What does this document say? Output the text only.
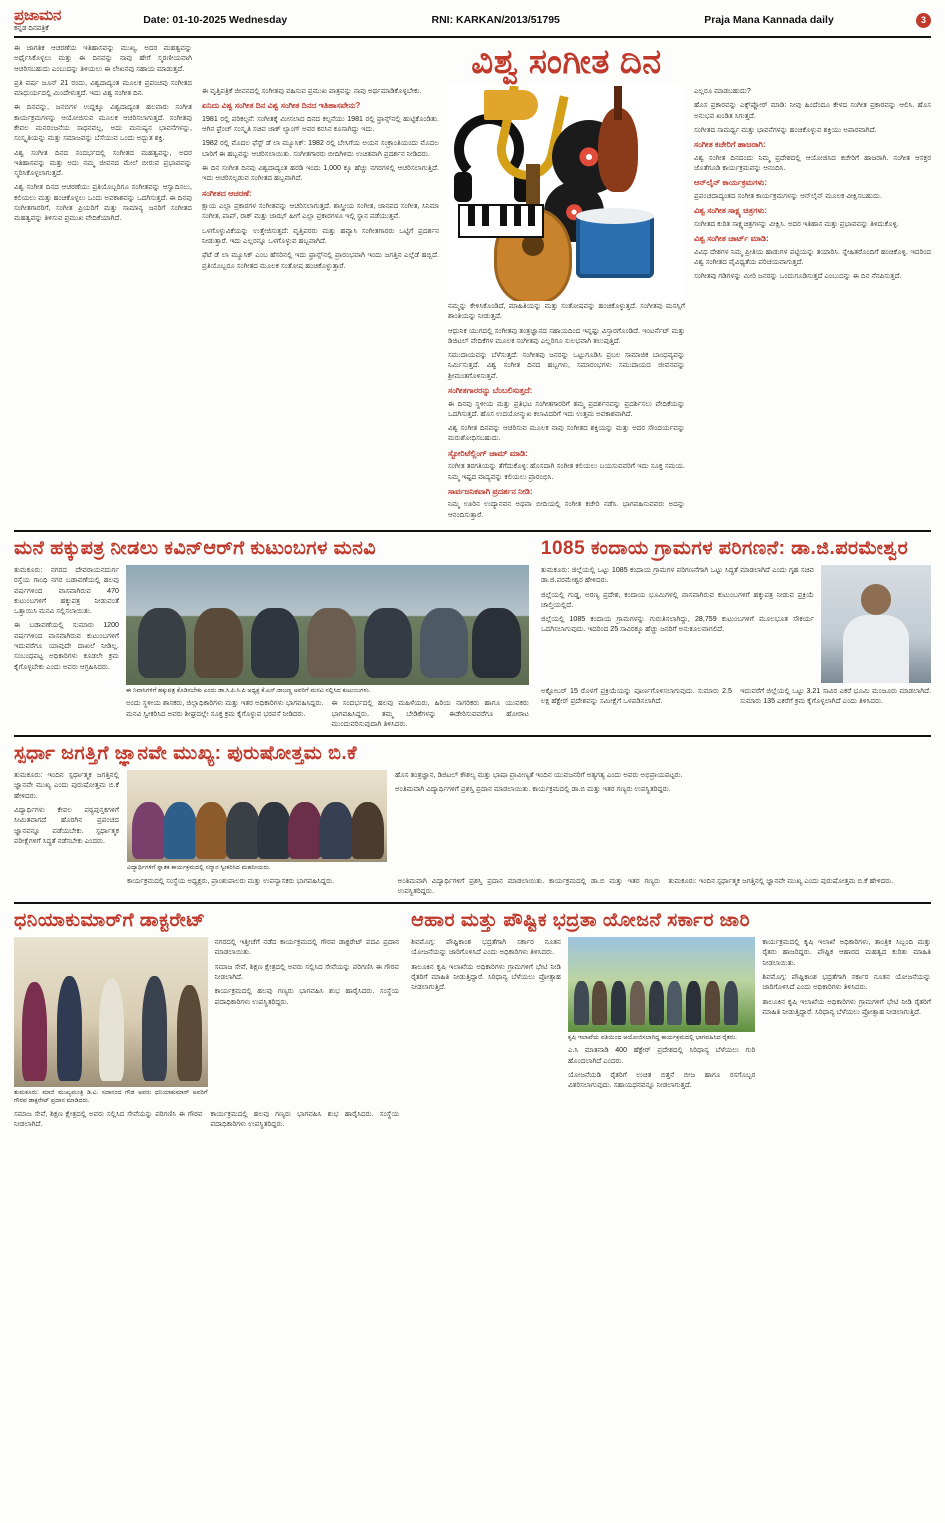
ಪ್ರಜಾಮನ
ಕನ್ನಡ ದಿನಪತ್ರಿಕೆ
Date: 01-10-2025 Wednesday	RNI: KARKAN/2013/51795	Praja Mana Kannada daily	3

ಈ ಜಾಗತಿಕ ಆಚರಣೆಯ ಇತಿಹಾಸವನ್ನು ಮುಖ್ಯ, ಅದರ ಮಹತ್ವವನ್ನು ಅರ್ಥೈಸಿಕೊಳ್ಳಲು ಮತ್ತು ಈ ದಿನವನ್ನು ನಾವು ಹೇಗೆ ಸ್ಮರಣೀಯವಾಗಿ ಆಚರಿಸಬಹುದು ಎಂಬುದನ್ನು ತಿಳಿಯಲು ಈ ಲೇಖನವು ಸಹಾಯ ಮಾಡುತ್ತದೆ.

ಪ್ರತಿ ವರ್ಷ ಜೂನ್ 21 ರಂದು, ವಿಶ್ವದಾದ್ಯಂತ ಮೂಲಕ ಪ್ರಪಂಚವು ಸಂಗೀತದ ಮಾಧುರ್ಯದಲ್ಲಿ ಮಿಂದೇಳುತ್ತದೆ. ಇದು ವಿಶ್ವ ಸಂಗೀತ ದಿನ.

ಈ ದಿನವನ್ನು, ಜನಬಿಗಳ ಉದ್ದಕ್ಕೂ ವಿಶ್ವದಾದ್ಯಂತ ಹಲವಾರು ಸಂಗೀತ ಕಾರ್ಯಕ್ರಮಗಳನ್ನು ಆಯೋಜಿಸುವ ಮೂಲಕ ಆಚರಿಸಲಾಗುತ್ತದೆ. ಸಂಗೀತವು ಕೇವಲ ಮನರಂಜನೆಯ ಸಾಧನವಲ್ಲ, ಅದು ಮನುಷ್ಯನ ಭಾವನೆಗಳನ್ನು, ಸಂಸ್ಕೃತಿಯನ್ನು ಮತ್ತು ಸಮಾಜವನ್ನು ಬೆಸೆಯುವ ಒಂದು ಅದ್ಭುತ ಶಕ್ತಿ.

ವಿಶ್ವ ಸಂಗೀತ ದಿನದ ಸಂದರ್ಭದಲ್ಲಿ ಸಂಗೀತದ ಮಹತ್ವವನ್ನು, ಅದರ ಇತಿಹಾಸವನ್ನು ಮತ್ತು ಅದು ನಮ್ಮ ಜೀವನದ ಮೇಲೆ ಬೀರುವ ಪ್ರಭಾವವನ್ನು ಸ್ಮರಿಸಿಕೊಳ್ಳಲಾಗುತ್ತದೆ.

ವಿಶ್ವ ಸಂಗೀತ ದಿನದ ಆಚರಣೆಯು ಪ್ರತಿಯೊಬ್ಬರಿಗೂ ಸಂಗೀತವನ್ನು ಆಸ್ವಾದಿಸಲು, ಕಲಿಯಲು ಮತ್ತು ಹಂಚಿಕೊಳ್ಳಲು ಒಂದು ಅವಕಾಶವನ್ನು ಒದಗಿಸುತ್ತದೆ. ಈ ದಿನವು ಸಂಗೀತಗಾರರಿಗೆ, ಸಂಗೀತ ಪ್ರಿಯರಿಗೆ ಮತ್ತು ಸಾಮಾನ್ಯ ಜನರಿಗೆ ಸಂಗೀತದ ಮಹತ್ವವನ್ನು ತಿಳಿಸುವ ಪ್ರಮುಖ ವೇದಿಕೆಯಾಗಿದೆ.

ವಿಶ್ವ ಸಂಗೀತ ದಿನ

ಈ ವೃತ್ತಿಪತ್ರಿಕೆ ಜೀವನದಲ್ಲಿ ಸಂಗೀತವು ವಹಿಸುವ ಪ್ರಮುಖ ಪಾತ್ರವನ್ನು ನಾವು ಅರ್ಥಮಾಡಿಕೊಳ್ಳಬೇಕು.

ಏನಿದು ವಿಶ್ವ ಸಂಗೀತ ದಿನ ವಿಶ್ವ ಸಂಗೀತ ದಿನದ ಇತಿಹಾಸವೇನು?

1981 ರಲ್ಲಿ ಪರಿಕಲ್ಪನೆ: ಸಂಗೀತಕ್ಕೆ ಮೀಸಲಾದ ದಿನದ ಕಲ್ಪನೆಯು 1981 ರಲ್ಲಿ ಫ್ರಾನ್ಸ್‌ನಲ್ಲಿ ಹುಟ್ಟಿಕೊಂಡಿತು. ಆಗಿನ ಫ್ರೆಂಚ್ ಸಂಸ್ಕೃತಿ ಸಚಿವ ಜಾಕ್ ಲ್ಯಾಂಗ್ ಅವರ ಕನಸಿನ ಕೂಸಾಗಿದ್ದು ಇದು.

1982 ರಲ್ಲಿ ಮೊದಲ ಫೆಸ್ಟ್ ಡೆ ಲಾ ಮ್ಯೂಸಿಕ್: 1982 ರಲ್ಲಿ ಬೇಸಿಗೆಯ ಅಯನ ಸಂಕ್ರಾಂತಿಯಂದು ಮೊದಲ ಬಾರಿಗೆ ಈ ಹಬ್ಬವನ್ನು ಆಚರಿಸಲಾಯಿತು. ಸಂಗೀತಗಾರರು ಬೀದಿಗಿಳಿದು ಉಚಿತವಾಗಿ ಪ್ರದರ್ಶನ ನೀಡಿದರು.

ಈ ದಿನ ಸಂಗೀತ ದಿನವು ವಿಶ್ವದಾದ್ಯಂತ ಹರಡಿ ಇಂದು 1,000 ಕ್ಕೂ ಹೆಚ್ಚು ನಗರಗಳಲ್ಲಿ ಆಚರಿಸಲಾಗುತ್ತಿದೆ. ಇದು ಆಚರಿಸಲ್ಪಡುವ ಸಂಗೀತದ ಹಬ್ಬವಾಗಿದೆ.

ಸಂಗೀತದ ಆಚರಣೆ:

ಕ್ಷಾಯ ಎಲ್ಲಾ ಪ್ರಕಾರಗಳ ಸಂಗೀತವನ್ನು ಆಚರಿಸಲಾಗುತ್ತದೆ. ಶಾಸ್ತ್ರೀಯ ಸಂಗೀತ, ಜಾನಪದ ಸಂಗೀತ, ಸಿನಿಮಾ ಸಂಗೀತ, ಪಾಪ್, ರಾಕ್ ಮತ್ತು ಜಾಝ್ ಹೀಗೆ ಎಲ್ಲಾ ಪ್ರಕಾರಗಳೂ ಇಲ್ಲಿ ಸ್ಥಾನ ಪಡೆಯುತ್ತವೆ.

ಒಳಗೊಳ್ಳುವಿಕೆಯನ್ನು ಉತ್ತೇಜಿಸುತ್ತದೆ: ವೃತ್ತಿಪರರು ಮತ್ತು ಹವ್ಯಾಸಿ ಸಂಗೀತಗಾರರು ಒಟ್ಟಿಗೆ ಪ್ರದರ್ಶನ ನೀಡುತ್ತಾರೆ. ಇದು ಎಲ್ಲರನ್ನೂ ಒಳಗೊಳ್ಳುವ ಹಬ್ಬವಾಗಿದೆ.

ಫೆಟೆ ಡೆ ಲಾ ಮ್ಯೂಸಿಕ್ ಎಂಬ ಹೆಸರಿನಲ್ಲಿ ಇದು ಫ್ರಾನ್ಸ್‌ನಲ್ಲಿ ಪ್ರಾರಂಭವಾಗಿ ಇಂದು ಜಗತ್ತಿನ ಎಲ್ಲೆಡೆ ಹಬ್ಬಿದೆ. ಪ್ರತಿಯೊಬ್ಬರೂ ಸಂಗೀತದ ಮೂಲಕ ಸಂತೋಷ ಹಂಚಿಕೊಳ್ಳುತ್ತಾರೆ.

ನಮ್ಮನ್ನು ಕೇಳಿಸಿಕೊಂಡಿದೆ, ಮಾಹಿತಿಯನ್ನು ಮತ್ತು ಸಂತೋಷವನ್ನು ಹಂಚಿಕೊಳ್ಳುತ್ತದೆ. ಸಂಗೀತವು ಮನಸ್ಸಿಗೆ ಶಾಂತಿಯನ್ನು ನೀಡುತ್ತದೆ.

ಆಧುನಿಕ ಯುಗದಲ್ಲಿ ಸಂಗೀತವು ತಂತ್ರಜ್ಞಾನದ ಸಹಾಯದಿಂದ ಇನ್ನಷ್ಟು ವಿಸ್ತಾರಗೊಂಡಿದೆ. ಇಂಟರ್ನೆಟ್ ಮತ್ತು ಡಿಜಿಟಲ್ ವೇದಿಕೆಗಳ ಮೂಲಕ ಸಂಗೀತವು ಎಲ್ಲರಿಗೂ ಸುಲಭವಾಗಿ ತಲುಪುತ್ತಿದೆ.

ಸಮುದಾಯವನ್ನು ಬೆಳೆಸುತ್ತದೆ: ಸಂಗೀತವು ಜನರನ್ನು ಒಟ್ಟುಗೂಡಿಸಿ ಪ್ರಬಲ ಸಾಮಾಜಿಕ ಬಾಂಧವ್ಯವನ್ನು ನಿರ್ಮಿಸುತ್ತದೆ. ವಿಶ್ವ ಸಂಗೀತ ದಿನದ ಹಬ್ಬಗಳು, ಸಮಾರಂಭಗಳು ಸಮುದಾಯದ ಜೀವನವನ್ನು ಶ್ರೀಮಂತಗೊಳಿಸುತ್ತವೆ.

ಸಂಗೀತಗಾರರನ್ನು ಬೆಂಬಲಿಸುತ್ತದೆ:

ಈ ದಿನವು ಸ್ಥಳೀಯ ಮತ್ತು ಪ್ರತಿಭಟ ಸಂಗೀತಗಾರರಿಗೆ ತಮ್ಮ ಪ್ರದರ್ಶನವನ್ನು ಪ್ರದರ್ಶಿಸಲು ವೇದಿಕೆಯನ್ನು ಒದಗಿಸುತ್ತದೆ. ಹೊಸ ಉದಯೋನ್ಮುಖ ಕಲಾವಿದರಿಗೆ ಇದು ಉತ್ತಮ ಅವಕಾಶವಾಗಿದೆ.

ವಿಶ್ವ ಸಂಗೀತ ದಿನವನ್ನು ಆಚರಿಸುವ ಮೂಲಕ ನಾವು ಸಂಗೀತದ ಶಕ್ತಿಯನ್ನು ಮತ್ತು ಅದರ ಸೌಂದರ್ಯವನ್ನು ಮರುಶೋಧಿಸಬಹುದು.

ಸ್ಟೋರಿಟೆಲ್ಲಿಂಗ್ ಜಾಮ್ ಮಾಡಿ:

ಸಂಗೀತ ತರಗತಿಯನ್ನು ತೆಗೆದುಕೊಳ್ಳಿ: ಹೊಸದಾಗಿ ಸಂಗೀತ ಕಲಿಯಲು ಬಯಸುವವರಿಗೆ ಇದು ಸೂಕ್ತ ಸಮಯ. ನಿಮ್ಮ ಇಷ್ಟದ ವಾದ್ಯವನ್ನು ಕಲಿಯಲು ಪ್ರಾರಂಭಿಸಿ.

ಸಾರ್ವಜನಿಕವಾಗಿ ಪ್ರದರ್ಶನ ನೀಡಿ:

ನಿಮ್ಮ ಊರಿನ ಉದ್ಯಾನವನ ಅಥವಾ ಬೀದಿಯಲ್ಲಿ ಸಂಗೀತ ಕಚೇರಿ ನಡೆಸಿ. ಭಾಗವಹಿಸುವವರು ಅದನ್ನು ಆನಂದಿಸುತ್ತಾರೆ.

ಎಲ್ಲರೂ ಮಾಡಬಹುದು?

ಹೊಸ ಪ್ರಕಾರವನ್ನು ಎಕ್ಸ್‌ಪ್ಲೋರ್ ಮಾಡಿ: ನೀವು ಹಿಂದೆಂದೂ ಕೇಳದ ಸಂಗೀತ ಪ್ರಕಾರವನ್ನು ಆಲಿಸಿ. ಹೊಸ ಅನುಭವ ಖಂಡಿತ ಸಿಗುತ್ತದೆ.

ಸಂಗೀತದ ಸಾಮರ್ಥ್ಯ ಮತ್ತು ಭಾವನೆಗಳನ್ನು ಹಂಚಿಕೊಳ್ಳುವ ಶಕ್ತಿಯು ಅಪಾರವಾಗಿದೆ.

ಸಂಗೀತ ಕಚೇರಿಗೆ ಹಾಜರಾಗಿ:

ವಿಶ್ವ ಸಂಗೀತ ದಿನದಂದು ನಿಮ್ಮ ಪ್ರದೇಶದಲ್ಲಿ ಆಯೋಜಿಸಿದ ಕಚೇರಿಗೆ ಹಾಜರಾಗಿ. ಸಂಗೀತ ಆಸಕ್ತರ ಜೊತೆಗೂಡಿ ಕಾರ್ಯಕ್ರಮವನ್ನು ಆನಂದಿಸಿ.

ಆನ್‌ಲೈನ್ ಕಾರ್ಯಕ್ರಮಗಳು:

ಪ್ರಪಂಚದಾದ್ಯಂತದ ಸಂಗೀತ ಕಾರ್ಯಕ್ರಮಗಳನ್ನು ಆನ್‌ಲೈನ್ ಮೂಲಕ ವೀಕ್ಷಿಸಬಹುದು.

ವಿಶ್ವ ಸಂಗೀತ ಸಾಕ್ಷ್ಯ ಚಿತ್ರಗಳು:

ಸಂಗೀತದ ಕುರಿತ ಸಾಕ್ಷ್ಯಚಿತ್ರಗಳನ್ನು ವೀಕ್ಷಿಸಿ. ಅದರ ಇತಿಹಾಸ ಮತ್ತು ಪ್ರಭಾವವನ್ನು ತಿಳಿದುಕೊಳ್ಳಿ.

ವಿಶ್ವ ಸಂಗೀತ ಚಾರ್ಟ್ ಮಾಡಿ:

ವಿವಿಧ ದೇಶಗಳ ನಿಮ್ಮ ಪ್ರೀತಿಯ ಹಾಡುಗಳ ಪಟ್ಟಿಯನ್ನು ತಯಾರಿಸಿ. ಸ್ನೇಹಿತರೊಂದಿಗೆ ಹಂಚಿಕೊಳ್ಳಿ. ಇದರಿಂದ ವಿಶ್ವ ಸಂಗೀತದ ವೈವಿಧ್ಯತೆಯ ಪರಿಚಯವಾಗುತ್ತದೆ.

ಸಂಗೀತವು ಗಡಿಗಳನ್ನು ಮೀರಿ ಜನರನ್ನು ಒಂದುಗೂಡಿಸುತ್ತದೆ ಎಂಬುದನ್ನು ಈ ದಿನ ನೆನಪಿಸುತ್ತದೆ.

ಮನೆ ಹಕ್ಕುಪತ್ರ ನೀಡಲು ಕವಿನ್‌ಆರ್‌ಗೆ ಕುಟುಂಬಗಳ ಮನವಿ

ತುಮಕೂರು: ನಗರದ ದೇವರಾಯನದುರ್ಗ ರಸ್ತೆಯ ಗಾಂಧಿ ನಗರ ಬಡಾವಣೆಯಲ್ಲಿ ಹಲವು ವರ್ಷಗಳಿಂದ ವಾಸವಾಗಿರುವ 470 ಕುಟುಂಬಗಳಿಗೆ ಹಕ್ಕುಪತ್ರ ನೀಡುವಂತೆ ಒತ್ತಾಯಿಸಿ ಮನವಿ ಸಲ್ಲಿಸಲಾಯಿತು.

ಈ ಬಡಾವಣೆಯಲ್ಲಿ ಸುಮಾರು 1200 ವರ್ಷಗಳಿಂದ ವಾಸವಾಗಿರುವ ಕುಟುಂಬಗಳಿಗೆ ಇದುವರೆಗೂ ಯಾವುದೇ ದಾಖಲೆ ನೀಡಿಲ್ಲ. ಸಂಬಂಧಪಟ್ಟ ಅಧಿಕಾರಿಗಳು ಕೂಡಲೇ ಕ್ರಮ ಕೈಗೊಳ್ಳಬೇಕು ಎಂದು ಅವರು ಆಗ್ರಹಿಸಿದರು.

ಈ ನಿವಾಸಿಗಳಿಗೆ ಹಕ್ಕುಪತ್ರ ಕೊಡಿಸಬೇಕು ಎಂದು ಡಾ.ಸಿ.ಪಿ.ಸಿ.ಪಿ ಅಧ್ಯಕ್ಷ ಕೆ.ಎನ್.ರಾಜಣ್ಣ ಅವರಿಗೆ ಮನವಿ ಸಲ್ಲಿಸಿದ ಕುಟುಂಬಗಳು.

ಅಂದು ಸ್ಥಳೀಯ ಶಾಸಕರು, ಜಿಲ್ಲಾಧಿಕಾರಿಗಳು ಮತ್ತು ಇತರ ಅಧಿಕಾರಿಗಳು ಭಾಗವಹಿಸಿದ್ದರು. ಮನವಿ ಸ್ವೀಕರಿಸಿದ ಅವರು ಶೀಘ್ರದಲ್ಲೇ ಸೂಕ್ತ ಕ್ರಮ ಕೈಗೊಳ್ಳುವ ಭರವಸೆ ನೀಡಿದರು.

ಈ ಸಂದರ್ಭದಲ್ಲಿ ಹಲವು ಮಹಿಳೆಯರು, ಹಿರಿಯ ನಾಗರಿಕರು ಹಾಗೂ ಯುವಕರು ಭಾಗವಹಿಸಿದ್ದರು. ತಮ್ಮ ಬೇಡಿಕೆಗಳನ್ನು ಈಡೇರಿಸುವವರೆಗೂ ಹೋರಾಟ ಮುಂದುವರಿಸುವುದಾಗಿ ತಿಳಿಸಿದರು.

1085 ಕಂದಾಯ ಗ್ರಾಮಗಳ ಪರಿಗಣನೆ: ಡಾ.ಜಿ.ಪರಮೇಶ್ವರ

ತುಮಕೂರು: ಜಿಲ್ಲೆಯಲ್ಲಿ ಒಟ್ಟು 1085 ಕಂದಾಯ ಗ್ರಾಮಗಳ ಪರಿಗಣನೆಗಾಗಿ ಒಟ್ಟು ಸಿದ್ಧತೆ ಮಾಡಲಾಗಿದೆ ಎಂದು ಗೃಹ ಸಚಿವ ಡಾ.ಜಿ.ಪರಮೇಶ್ವರ ಹೇಳಿದರು.

ಜಿಲ್ಲೆಯಲ್ಲಿ ಗುಡ್ಡ, ಅರಣ್ಯ ಪ್ರದೇಶ, ಕಂದಾಯ ಭೂಮಿಗಳಲ್ಲಿ ವಾಸವಾಗಿರುವ ಕುಟುಂಬಗಳಿಗೆ ಹಕ್ಕುಪತ್ರ ನೀಡುವ ಪ್ರಕ್ರಿಯೆ ಚಾಲ್ತಿಯಲ್ಲಿದೆ.

ಜಿಲ್ಲೆಯಲ್ಲಿ 1085 ಕಂದಾಯ ಗ್ರಾಮಗಳನ್ನು ಗುರುತಿಸಲಾಗಿದ್ದು, 28,759 ಕುಟುಂಬಗಳಿಗೆ ಮೂಲಭೂತ ಸೌಕರ್ಯ ಒದಗಿಸಲಾಗುವುದು. ಇದರಿಂದ 25 ಸಾವಿರಕ್ಕೂ ಹೆಚ್ಚು ಜನರಿಗೆ ಅನುಕೂಲವಾಗಲಿದೆ.

ಅಕ್ಟೋಬರ್ 15 ರೊಳಗೆ ಪ್ರಕ್ರಿಯೆಯನ್ನು ಪೂರ್ಣಗೊಳಿಸಲಾಗುವುದು. ಸುಮಾರು 2.5 ಲಕ್ಷ ಹೆಕ್ಟೇರ್ ಪ್ರದೇಶವನ್ನು ಸಮೀಕ್ಷೆಗೆ ಒಳಪಡಿಸಲಾಗಿದೆ.

ಇದುವರೆಗೆ ಜಿಲ್ಲೆಯಲ್ಲಿ ಒಟ್ಟು 3.21 ಸಾವಿರ ಎಕರೆ ಭೂಮಿ ಮಂಜೂರು ಮಾಡಲಾಗಿದೆ. ಸುಮಾರು 135 ಎಕರೆಗೆ ಕ್ರಮ ಕೈಗೊಳ್ಳಲಾಗಿದೆ ಎಂದು ತಿಳಿಸಿದರು.

ಸ್ಪರ್ಧಾ ಜಗತ್ತಿಗೆ ಜ್ಞಾನವೇ ಮುಖ್ಯ: ಪುರುಷೋತ್ತಮ ಬಿ.ಕೆ

ತುಮಕೂರು: ಇಂದಿನ ಸ್ಪರ್ಧಾತ್ಮಕ ಜಗತ್ತಿನಲ್ಲಿ ಜ್ಞಾನವೇ ಮುಖ್ಯ ಎಂದು ಪುರುಷೋತ್ತಮ ಬಿ.ಕೆ ಹೇಳಿದರು.

ವಿದ್ಯಾರ್ಥಿಗಳು ಕೇವಲ ಪಠ್ಯಪುಸ್ತಕಗಳಿಗೆ ಸೀಮಿತವಾಗದೆ ಹೊರಗಿನ ಪ್ರಪಂಚದ ಜ್ಞಾನವನ್ನೂ ಪಡೆಯಬೇಕು. ಸ್ಪರ್ಧಾತ್ಮಕ ಪರೀಕ್ಷೆಗಳಿಗೆ ಸಿದ್ಧತೆ ನಡೆಸಬೇಕು ಎಂದರು.

ವಿದ್ಯಾರ್ಥಿಗಳಿಗೆ ಸ್ನಾತಕ ಕಾರ್ಯಕ್ರಮದಲ್ಲಿ ಸನ್ಮಾನ ಸ್ವೀಕರಿಸಿದ ಮಹನೀಯರು.

ಹೊಸ ತಂತ್ರಜ್ಞಾನ, ಡಿಜಿಟಲ್ ಕೌಶಲ್ಯ ಮತ್ತು ಭಾಷಾ ಪ್ರಾವೀಣ್ಯತೆ ಇಂದಿನ ಯುವಜನರಿಗೆ ಅತ್ಯಗತ್ಯ ಎಂದು ಅವರು ಅಭಿಪ್ರಾಯಪಟ್ಟರು.

ಅಂತಿಮವಾಗಿ ವಿದ್ಯಾರ್ಥಿಗಳಿಗೆ ಪ್ರಶಸ್ತಿ ಪ್ರದಾನ ಮಾಡಲಾಯಿತು. ಕಾರ್ಯಕ್ರಮದಲ್ಲಿ ಡಾ.ಬಿ ಮತ್ತು ಇತರ ಗಣ್ಯರು ಉಪಸ್ಥಿತರಿದ್ದರು.

ಕಾರ್ಯಕ್ರಮದಲ್ಲಿ ಸಂಸ್ಥೆಯ ಅಧ್ಯಕ್ಷರು, ಪ್ರಾಂಶುಪಾಲರು ಮತ್ತು ಉಪನ್ಯಾಸಕರು ಭಾಗವಹಿಸಿದ್ದರು.	ಅಂತಿಮವಾಗಿ ವಿದ್ಯಾರ್ಥಿಗಳಿಗೆ ಪ್ರಶಸ್ತಿ ಪ್ರದಾನ ಮಾಡಲಾಯಿತು. ಕಾರ್ಯಕ್ರಮದಲ್ಲಿ ಡಾ.ಬಿ ಮತ್ತು ಇತರ ಗಣ್ಯರು ಉಪಸ್ಥಿತರಿದ್ದರು.

ತುಮಕೂರು: ಇಂದಿನ ಸ್ಪರ್ಧಾತ್ಮಕ ಜಗತ್ತಿನಲ್ಲಿ ಜ್ಞಾನವೇ ಮುಖ್ಯ ಎಂದು ಪುರುಷೋತ್ತಮ ಬಿ.ಕೆ ಹೇಳಿದರು.

ಧನಿಯಾಕುಮಾರ್‌ಗೆ ಡಾಕ್ಟರೇಟ್
ತುಮಕೂರು: ಮಾಜಿ ಮುಖ್ಯಮಂತ್ರಿ ಡಿ.ವಿ. ಸದಾನಂದ ಗೌಡ ಅವರು ಧನಿಯಾಕುಮಾರ್ ಅವರಿಗೆ ಗೌರವ ಡಾಕ್ಟರೇಟ್ ಪ್ರದಾನ ಮಾಡಿದರು.

ನಗರದಲ್ಲಿ ಇತ್ತೀಚೆಗೆ ನಡೆದ ಕಾರ್ಯಕ್ರಮದಲ್ಲಿ ಗೌರವ ಡಾಕ್ಟರೇಟ್ ಪದವಿ ಪ್ರದಾನ ಮಾಡಲಾಯಿತು.

ಸಮಾಜ ಸೇವೆ, ಶಿಕ್ಷಣ ಕ್ಷೇತ್ರದಲ್ಲಿ ಅವರು ಸಲ್ಲಿಸಿದ ಸೇವೆಯನ್ನು ಪರಿಗಣಿಸಿ ಈ ಗೌರವ ನೀಡಲಾಗಿದೆ.

ಕಾರ್ಯಕ್ರಮದಲ್ಲಿ ಹಲವು ಗಣ್ಯರು ಭಾಗವಹಿಸಿ ಶುಭ ಹಾರೈಸಿದರು. ಸಂಸ್ಥೆಯ ಪದಾಧಿಕಾರಿಗಳು ಉಪಸ್ಥಿತರಿದ್ದರು.

ಸಮಾಜ ಸೇವೆ, ಶಿಕ್ಷಣ ಕ್ಷೇತ್ರದಲ್ಲಿ ಅವರು ಸಲ್ಲಿಸಿದ ಸೇವೆಯನ್ನು ಪರಿಗಣಿಸಿ ಈ ಗೌರವ ನೀಡಲಾಗಿದೆ.

ಕಾರ್ಯಕ್ರಮದಲ್ಲಿ ಹಲವು ಗಣ್ಯರು ಭಾಗವಹಿಸಿ ಶುಭ ಹಾರೈಸಿದರು. ಸಂಸ್ಥೆಯ ಪದಾಧಿಕಾರಿಗಳು ಉಪಸ್ಥಿತರಿದ್ದರು.

ಆಹಾರ ಮತ್ತು ಪೌಷ್ಟಿಕ ಭದ್ರತಾ ಯೋಜನೆ ಸರ್ಕಾರ ಜಾರಿ

ಶಿವಮೊಗ್ಗ: ಪೌಷ್ಟಿಕಾಂಶ ಭದ್ರತೆಗಾಗಿ ಸರ್ಕಾರ ನೂತನ ಯೋಜನೆಯನ್ನು ಜಾರಿಗೊಳಿಸಿದೆ ಎಂದು ಅಧಿಕಾರಿಗಳು ತಿಳಿಸಿದರು.

ತಾಲೂಕಿನ ಕೃಷಿ ಇಲಾಖೆಯ ಅಧಿಕಾರಿಗಳು ಗ್ರಾಮಗಳಿಗೆ ಭೇಟಿ ನೀಡಿ ರೈತರಿಗೆ ಮಾಹಿತಿ ನೀಡುತ್ತಿದ್ದಾರೆ. ಸಿರಿಧಾನ್ಯ ಬೆಳೆಯಲು ಪ್ರೋತ್ಸಾಹ ನೀಡಲಾಗುತ್ತಿದೆ.

ಕೃಷಿ ಇಲಾಖೆಯ ವತಿಯಿಂದ ಆಯೋಜಿಸಲಾಗಿದ್ದ ಕಾರ್ಯಕ್ರಮದಲ್ಲಿ ಭಾಗವಹಿಸಿದ ರೈತರು.

ಎ.ಸಿ ಮಾತನಾಡಿ 400 ಹೆಕ್ಟೇರ್ ಪ್ರದೇಶದಲ್ಲಿ ಸಿರಿಧಾನ್ಯ ಬೆಳೆಯಲು ಗುರಿ ಹೊಂದಲಾಗಿದೆ ಎಂದರು.

ಯೋಜನೆಯಡಿ ರೈತರಿಗೆ ಉಚಿತ ಬಿತ್ತನೆ ಬೀಜ ಹಾಗೂ ರಸಗೊಬ್ಬರ ವಿತರಿಸಲಾಗುವುದು. ಸಹಾಯಧನವನ್ನೂ ನೀಡಲಾಗುತ್ತದೆ.

ಕಾರ್ಯಕ್ರಮದಲ್ಲಿ ಕೃಷಿ ಇಲಾಖೆ ಅಧಿಕಾರಿಗಳು, ತಾಂತ್ರಿಕ ಸಿಬ್ಬಂದಿ ಮತ್ತು ರೈತರು ಹಾಜರಿದ್ದರು. ಪೌಷ್ಟಿಕ ಆಹಾರದ ಮಹತ್ವದ ಕುರಿತು ಮಾಹಿತಿ ನೀಡಲಾಯಿತು.

ಶಿವಮೊಗ್ಗ: ಪೌಷ್ಟಿಕಾಂಶ ಭದ್ರತೆಗಾಗಿ ಸರ್ಕಾರ ನೂತನ ಯೋಜನೆಯನ್ನು ಜಾರಿಗೊಳಿಸಿದೆ ಎಂದು ಅಧಿಕಾರಿಗಳು ತಿಳಿಸಿದರು.

ತಾಲೂಕಿನ ಕೃಷಿ ಇಲಾಖೆಯ ಅಧಿಕಾರಿಗಳು ಗ್ರಾಮಗಳಿಗೆ ಭೇಟಿ ನೀಡಿ ರೈತರಿಗೆ ಮಾಹಿತಿ ನೀಡುತ್ತಿದ್ದಾರೆ. ಸಿರಿಧಾನ್ಯ ಬೆಳೆಯಲು ಪ್ರೋತ್ಸಾಹ ನೀಡಲಾಗುತ್ತಿದೆ.
